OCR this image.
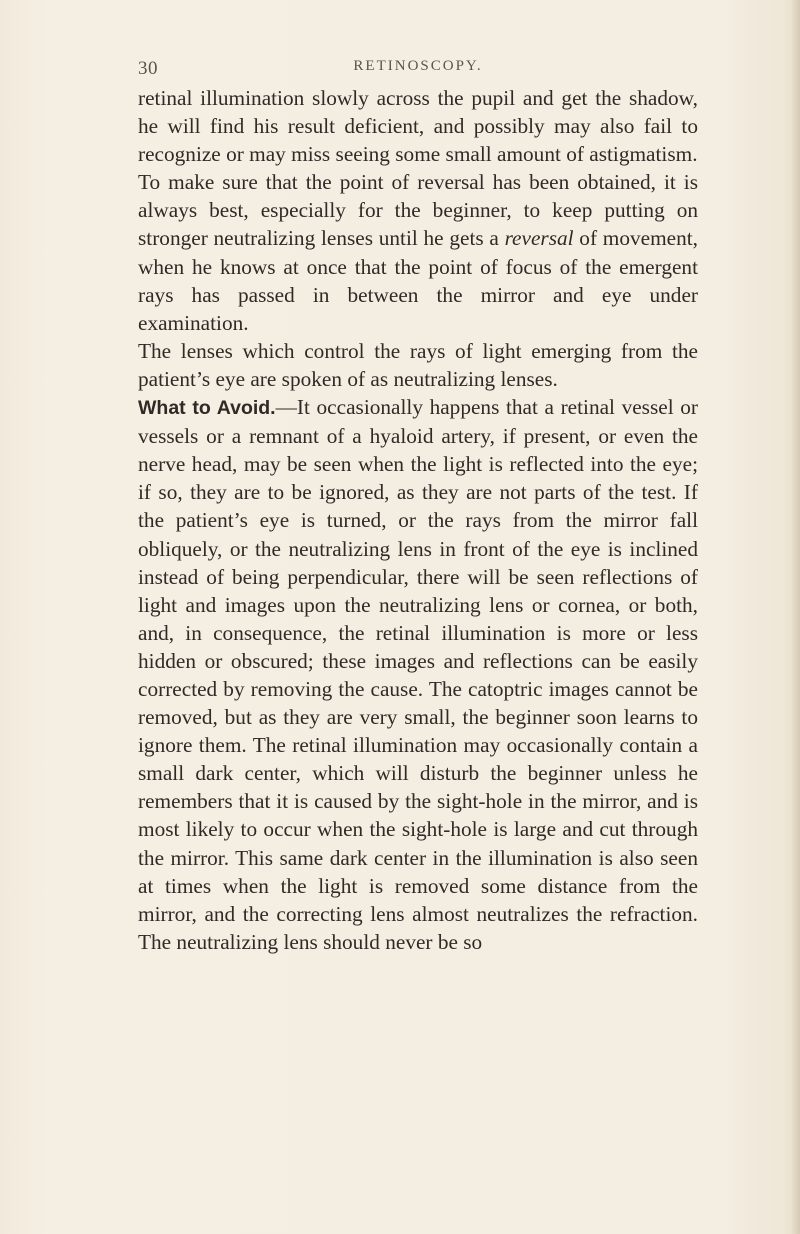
30	RETINOSCOPY.

retinal illumination slowly across the pupil and get the shadow, he will find his result deficient, and possibly may also fail to recognize or may miss seeing some small amount of astigmatism.

To make sure that the point of reversal has been obtained, it is always best, especially for the beginner, to keep putting on stronger neutralizing lenses until he gets a reversal of movement, when he knows at once that the point of focus of the emergent rays has passed in between the mirror and eye under examination.

The lenses which control the rays of light emerging from the patient’s eye are spoken of as neutralizing lenses.

What to Avoid.—It occasionally happens that a retinal vessel or vessels or a remnant of a hyaloid artery, if present, or even the nerve head, may be seen when the light is reflected into the eye; if so, they are to be ignored, as they are not parts of the test. If the patient’s eye is turned, or the rays from the mirror fall obliquely, or the neutralizing lens in front of the eye is inclined instead of being perpendicular, there will be seen reflections of light and images upon the neutralizing lens or cornea, or both, and, in consequence, the retinal illumination is more or less hidden or obscured; these images and reflections can be easily corrected by removing the cause. The catoptric images cannot be removed, but as they are very small, the beginner soon learns to ignore them. The retinal illumination may occasionally contain a small dark center, which will disturb the beginner unless he remembers that it is caused by the sight-hole in the mirror, and is most likely to occur when the sight-hole is large and cut through the mirror. This same dark center in the illumination is also seen at times when the light is removed some distance from the mirror, and the correcting lens almost neutralizes the refraction. The neutralizing lens should never be so
